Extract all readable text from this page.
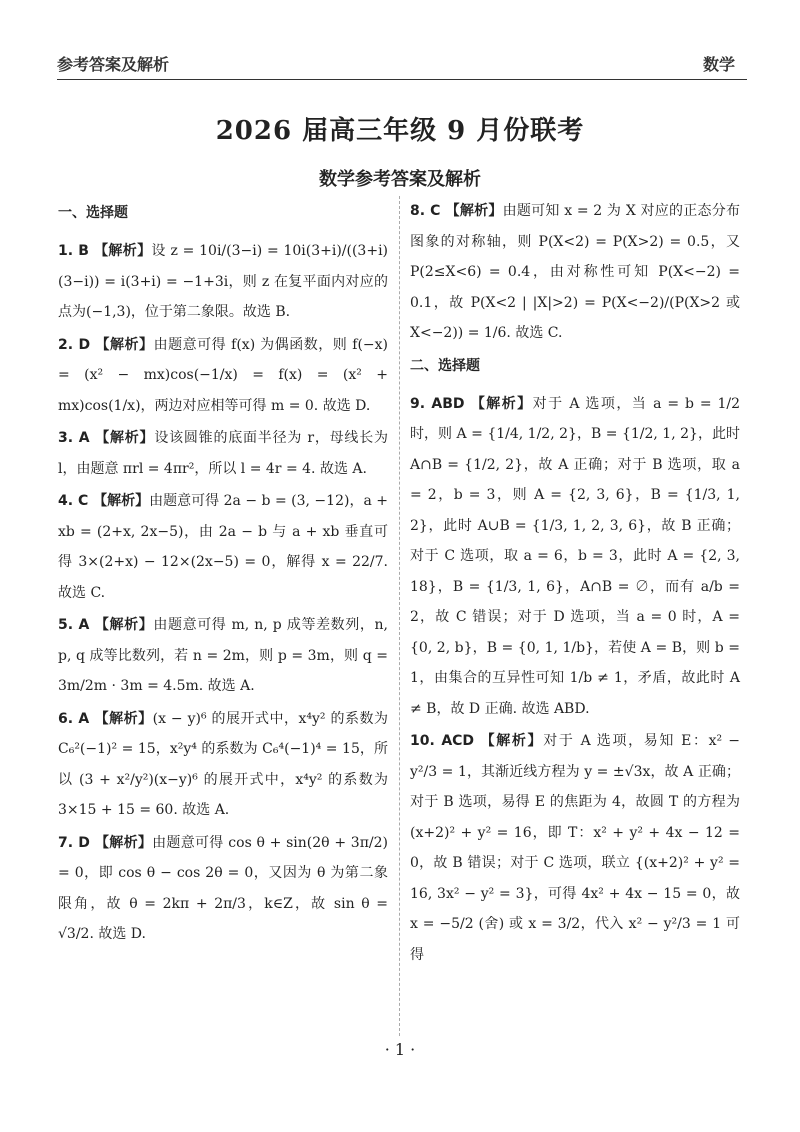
参考答案及解析	数学
2026 届高三年级 9 月份联考
数学参考答案及解析
一、选择题
1. B 【解析】设 z = 10i/(3−i) = 10i(3+i)/((3+i)(3−i)) = i(3+i) = −1+3i，则 z 在复平面内对应的点为(−1,3)，位于第二象限。故选 B.
2. D 【解析】由题意可得 f(x) 为偶函数，则 f(−x) = (x² − mx)cos(−1/x) = f(x) = (x² + mx)cos(1/x)，两边对应相等可得 m = 0. 故选 D.
3. A 【解析】设该圆锥的底面半径为 r，母线长为 l，由题意 πrl = 4πr²，所以 l = 4r = 4. 故选 A.
4. C 【解析】由题意可得 2a − b = (3, −12)，a + xb = (2+x, 2x−5)，由 2a − b 与 a + xb 垂直可得 3×(2+x) − 12×(2x−5) = 0，解得 x = 22/7. 故选 C.
5. A 【解析】由题意可得 m, n, p 成等差数列，n, p, q 成等比数列，若 n = 2m，则 p = 3m，则 q = 3m/2m · 3m = 4.5m. 故选 A.
6. A 【解析】(x − y)⁶ 的展开式中，x⁴y² 的系数为 C₆²(−1)² = 15，x²y⁴ 的系数为 C₆⁴(−1)⁴ = 15，所以 (3 + x²/y²)(x−y)⁶ 的展开式中，x⁴y² 的系数为 3×15 + 15 = 60. 故选 A.
7. D 【解析】由题意可得 cos θ + sin(2θ + 3π/2) = 0，即 cos θ − cos 2θ = 0，又因为 θ 为第二象限角，故 θ = 2kπ + 2π/3，k∈Z，故 sin θ = √3/2. 故选 D.
8. C 【解析】由题可知 x = 2 为 X 对应的正态分布图象的对称轴，则 P(X<2) = P(X>2) = 0.5，又 P(2≤X<6) = 0.4，由对称性可知 P(X<−2) = 0.1，故 P(X<2 | |X|>2) = P(X<−2)/(P(X>2 或 X<−2)) = 1/6. 故选 C.
二、选择题
9. ABD 【解析】对于 A 选项，当 a = b = 1/2 时，则 A = {1/4, 1/2, 2}，B = {1/2, 1, 2}，此时 A∩B = {1/2, 2}，故 A 正确；对于 B 选项，取 a = 2，b = 3，则 A = {2, 3, 6}，B = {1/3, 1, 2}，此时 A∪B = {1/3, 1, 2, 3, 6}，故 B 正确；对于 C 选项，取 a = 6，b = 3，此时 A = {2, 3, 18}，B = {1/3, 1, 6}，A∩B = ∅，而有 a/b = 2，故 C 错误；对于 D 选项，当 a = 0 时，A = {0, 2, b}，B = {0, 1, 1/b}，若使 A = B，则 b = 1，由集合的互异性可知 1/b ≠ 1，矛盾，故此时 A ≠ B，故 D 正确. 故选 ABD.
10. ACD 【解析】对于 A 选项，易知 E：x² − y²/3 = 1，其渐近线方程为 y = ±√3x，故 A 正确；对于 B 选项，易得 E 的焦距为 4，故圆 T 的方程为 (x+2)² + y² = 16，即 T：x² + y² + 4x − 12 = 0，故 B 错误；对于 C 选项，联立 {(x+2)² + y² = 16, 3x² − y² = 3}，可得 4x² + 4x − 15 = 0，故 x = −5/2 (舍) 或 x = 3/2，代入 x² − y²/3 = 1 可得
· 1 ·
